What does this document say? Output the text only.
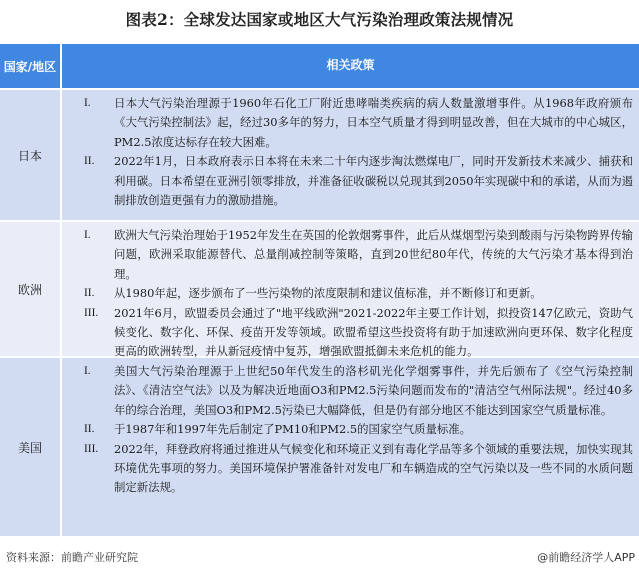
图表2：全球发达国家或地区大气污染治理政策法规情况
国家/地区	相关政策
日本
I.	日本大气污染治理源于1960年石化工厂附近患哮喘类疾病的病人数量激增事件。从1968年政府颁布《大气污染控制法》起，经过30多年的努力，日本空气质量才得到明显改善，但在大城市的中心城区，PM2.5浓度达标存在较大困难。
II.	2022年1月，日本政府表示日本将在未来二十年内逐步淘汰燃煤电厂，同时开发新技术来减少、捕获和利用碳。日本希望在亚洲引领零排放，并准备征收碳税以兑现其到2050年实现碳中和的承诺，从而为遏制排放创造更强有力的激励措施。
欧洲
I.	欧洲大气污染治理始于1952年发生在英国的伦敦烟雾事件，此后从煤烟型污染到酸雨与污染物跨界传输问题，欧洲采取能源替代、总量削减控制等策略，直到20世纪80年代，传统的大气污染才基本得到治理。
II.	从1980年起，逐步颁布了一些污染物的浓度限制和建议值标准，并不断修订和更新。
III.	2021年6月，欧盟委员会通过了"地平线欧洲"2021-2022年主要工作计划，拟投资147亿欧元，资助气候变化、数字化、环保、疫苗开发等领域。欧盟希望这些投资将有助于加速欧洲向更环保、数字化程度更高的欧洲转型，并从新冠疫情中复苏，增强欧盟抵御未来危机的能力。
美国
I.	美国大气污染治理源于上世纪50年代发生的洛杉矶光化学烟雾事件，并先后颁布了《空气污染控制法》、《清洁空气法》以及为解决近地面O3和PM2.5污染问题而发布的"清洁空气州际法规"。经过40多年的综合治理，美国O3和PM2.5污染已大幅降低，但是仍有部分地区不能达到国家空气质量标准。
II.	于1987年和1997年先后制定了PM10和PM2.5的国家空气质量标准。
III.	2022年，拜登政府将通过推进从气候变化和环境正义到有毒化学品等多个领域的重要法规，加快实现其环境优先事项的努力。美国环境保护署准备针对发电厂和车辆造成的空气污染以及一些不同的水质问题制定新法规。
资料来源：前瞻产业研究院	@前瞻经济学人APP
